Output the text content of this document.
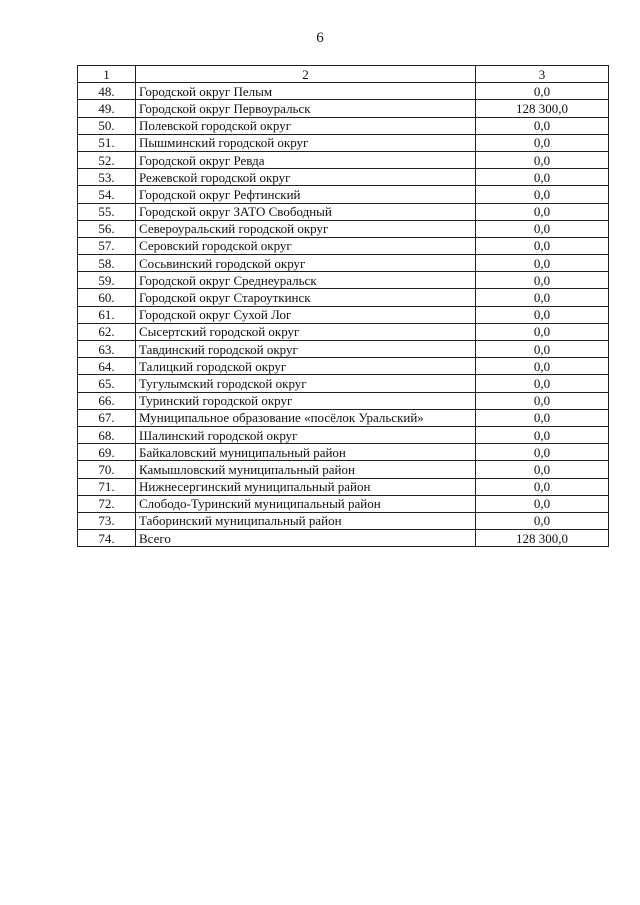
6
1	2	3
48.	Городской округ Пелым	0,0
49.	Городской округ Первоуральск	128 300,0
50.	Полевской городской округ	0,0
51.	Пышминский городской округ	0,0
52.	Городской округ Ревда	0,0
53.	Режевской городской округ	0,0
54.	Городской округ Рефтинский	0,0
55.	Городской округ ЗАТО Свободный	0,0
56.	Североуральский городской округ	0,0
57.	Серовский городской округ	0,0
58.	Сосьвинский городской округ	0,0
59.	Городской округ Среднеуральск	0,0
60.	Городской округ Староуткинск	0,0
61.	Городской округ Сухой Лог	0,0
62.	Сысертский городской округ	0,0
63.	Тавдинский городской округ	0,0
64.	Талицкий городской округ	0,0
65.	Тугулымский городской округ	0,0
66.	Туринский городской округ	0,0
67.	Муниципальное образование «посёлок Уральский»	0,0
68.	Шалинский городской округ	0,0
69.	Байкаловский муниципальный район	0,0
70.	Камышловский муниципальный район	0,0
71.	Нижнесергинский муниципальный район	0,0
72.	Слободо-Туринский муниципальный район	0,0
73.	Таборинский муниципальный район	0,0
74.	Всего	128 300,0
